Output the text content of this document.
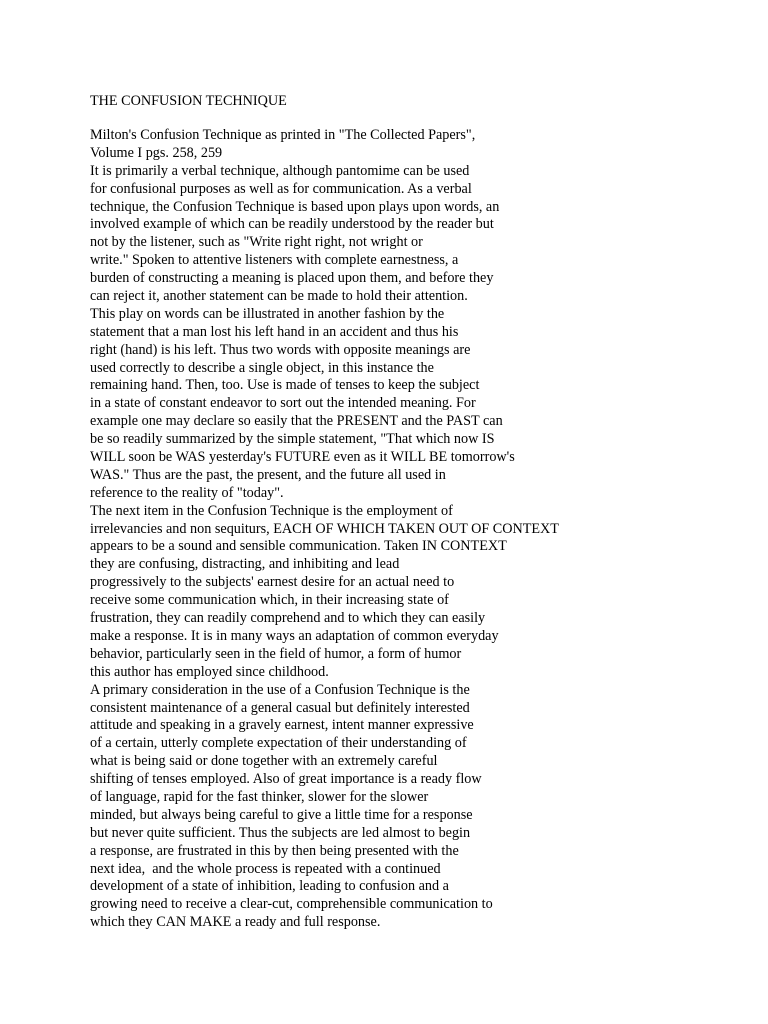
THE CONFUSION TECHNIQUE
Milton's Confusion Technique as printed in "The Collected Papers",
Volume I pgs. 258, 259
It is primarily a verbal technique, although pantomime can be used
for confusional purposes as well as for communication. As a verbal
technique, the Confusion Technique is based upon plays upon words, an
involved example of which can be readily understood by the reader but
not by the listener, such as "Write right right, not wright or
write." Spoken to attentive listeners with complete earnestness, a
burden of constructing a meaning is placed upon them, and before they
can reject it, another statement can be made to hold their attention.
This play on words can be illustrated in another fashion by the
statement that a man lost his left hand in an accident and thus his
right (hand) is his left. Thus two words with opposite meanings are
used correctly to describe a single object, in this instance the
remaining hand. Then, too. Use is made of tenses to keep the subject
in a state of constant endeavor to sort out the intended meaning. For
example one may declare so easily that the PRESENT and the PAST can
be so readily summarized by the simple statement, "That which now IS
WILL soon be WAS yesterday's FUTURE even as it WILL BE tomorrow's
WAS." Thus are the past, the present, and the future all used in
reference to the reality of "today".
The next item in the Confusion Technique is the employment of
irrelevancies and non sequiturs, EACH OF WHICH TAKEN OUT OF CONTEXT
appears to be a sound and sensible communication. Taken IN CONTEXT
they are confusing, distracting, and inhibiting and lead
progressively to the subjects' earnest desire for an actual need to
receive some communication which, in their increasing state of
frustration, they can readily comprehend and to which they can easily
make a response. It is in many ways an adaptation of common everyday
behavior, particularly seen in the field of humor, a form of humor
this author has employed since childhood.
A primary consideration in the use of a Confusion Technique is the
consistent maintenance of a general casual but definitely interested
attitude and speaking in a gravely earnest, intent manner expressive
of a certain, utterly complete expectation of their understanding of
what is being said or done together with an extremely careful
shifting of tenses employed. Also of great importance is a ready flow
of language, rapid for the fast thinker, slower for the slower
minded, but always being careful to give a little time for a response
but never quite sufficient. Thus the subjects are led almost to begin
a response, are frustrated in this by then being presented with the
next idea,  and the whole process is repeated with a continued
development of a state of inhibition, leading to confusion and a
growing need to receive a clear-cut, comprehensible communication to
which they CAN MAKE a ready and full response.
